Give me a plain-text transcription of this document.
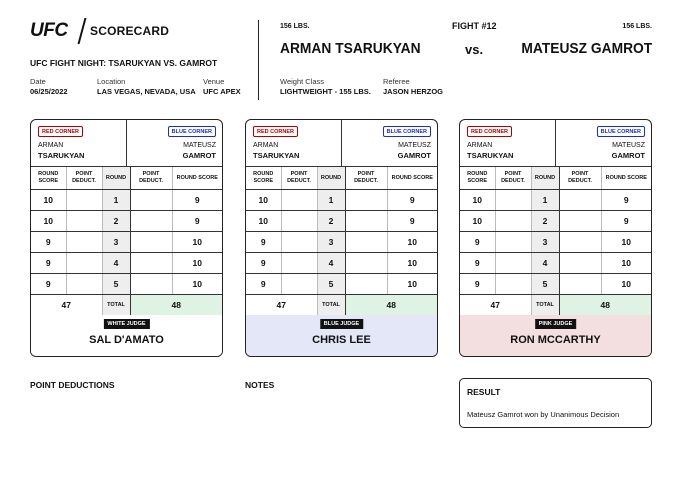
UFC SCORECARD
UFC FIGHT NIGHT: TSARUKYAN VS. GAMROT
Date
06/25/2022
Location
LAS VEGAS, NEVADA, USA
Venue
UFC APEX
156 LBS.	156 LBS.
FIGHT #12
ARMAN TSARUKYAN	vs.	MATEUSZ GAMROT
Weight Class
LIGHTWEIGHT - 155 LBS.
Referee
JASON HERZOG
RED CORNER	BLUE CORNER
ARMAN
TSARUKYAN
MATEUSZ
GAMROT
ROUND SCORE	POINT DEDUCT.	ROUND	POINT DEDUCT.	ROUND SCORE
10		1		9
10		2		9
9		3		10
9		4		10
9		5		10
47		TOTAL	48	
WHITE JUDGE
SAL D'AMATO
RED CORNER	BLUE CORNER
ARMAN
TSARUKYAN
MATEUSZ
GAMROT
ROUND SCORE	POINT DEDUCT.	ROUND	POINT DEDUCT.	ROUND SCORE
10		1		9
10		2		9
9		3		10
9		4		10
9		5		10
47		TOTAL	48	
BLUE JUDGE
CHRIS LEE
RED CORNER	BLUE CORNER
ARMAN
TSARUKYAN
MATEUSZ
GAMROT
ROUND SCORE	POINT DEDUCT.	ROUND	POINT DEDUCT.	ROUND SCORE
10		1		9
10		2		9
9		3		10
9		4		10
9		5		10
47		TOTAL	48	
PINK JUDGE
RON MCCARTHY
POINT DEDUCTIONS	NOTES
RESULT
Mateusz Gamrot won by Unanimous Decision
